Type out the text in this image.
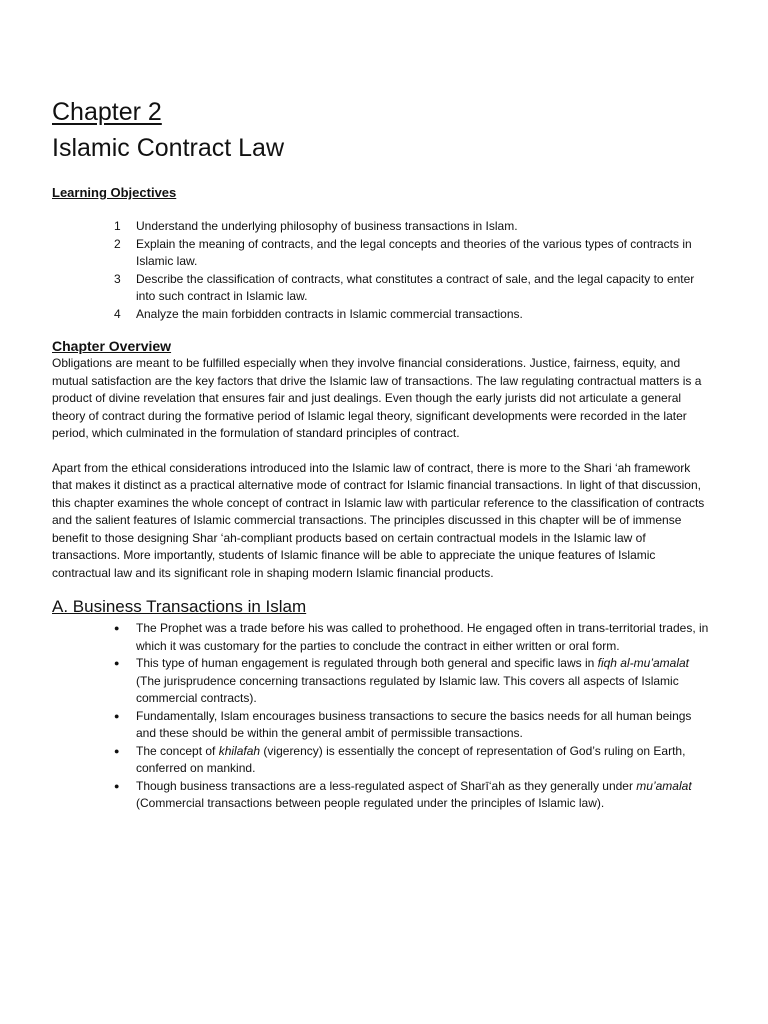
Chapter 2
Islamic Contract Law
Learning Objectives
1	Understand the underlying philosophy of business transactions in Islam.
2	Explain the meaning of contracts, and the legal concepts and theories of the various types of contracts in Islamic law.
3	Describe the classification of contracts, what constitutes a contract of sale, and the legal capacity to enter into such contract in Islamic law.
4	Analyze the main forbidden contracts in Islamic commercial transactions.
Chapter Overview

Obligations are meant to be fulfilled especially when they involve financial considerations. Justice, fairness, equity, and mutual satisfaction are the key factors that drive the Islamic law of transactions. The law regulating contractual matters is a product of divine revelation that ensures fair and just dealings. Even though the early jurists did not articulate a general theory of contract during the formative period of Islamic legal theory, significant developments were recorded in the later period, which culminated in the formulation of standard principles of contract.

Apart from the ethical considerations introduced into the Islamic law of contract, there is more to the Shari ‘ah framework that makes it distinct as a practical alternative mode of contract for Islamic financial transactions. In light of that discussion, this chapter examines the whole concept of contract in Islamic law with particular reference to the classification of contracts and the salient features of Islamic commercial transactions. The principles discussed in this chapter will be of immense benefit to those designing Shar ‘ah-compliant products based on certain contractual models in the Islamic law of transactions. More importantly, students of Islamic finance will be able to appreciate the unique features of Islamic contractual law and its significant role in shaping modern Islamic financial products.

A. Business Transactions in Islam
●	The Prophet was a trade before his was called to prohethood. He engaged often in trans-territorial trades, in which it was customary for the parties to conclude the contract in either written or oral form.
●	This type of human engagement is regulated through both general and specific laws in fiqh al-mu’amalat (The jurisprudence concerning transactions regulated by Islamic law. This covers all aspects of Islamic commercial contracts).
●	Fundamentally, Islam encourages business transactions to secure the basics needs for all human beings and these should be within the general ambit of permissible transactions.
●	The concept of khilafah (vigerency) is essentially the concept of representation of God’s ruling on Earth, conferred on mankind.
●	Though business transactions are a less-regulated aspect of Sharī‘ah as they generally under mu’amalat (Commercial transactions between people regulated under the principles of Islamic law).
